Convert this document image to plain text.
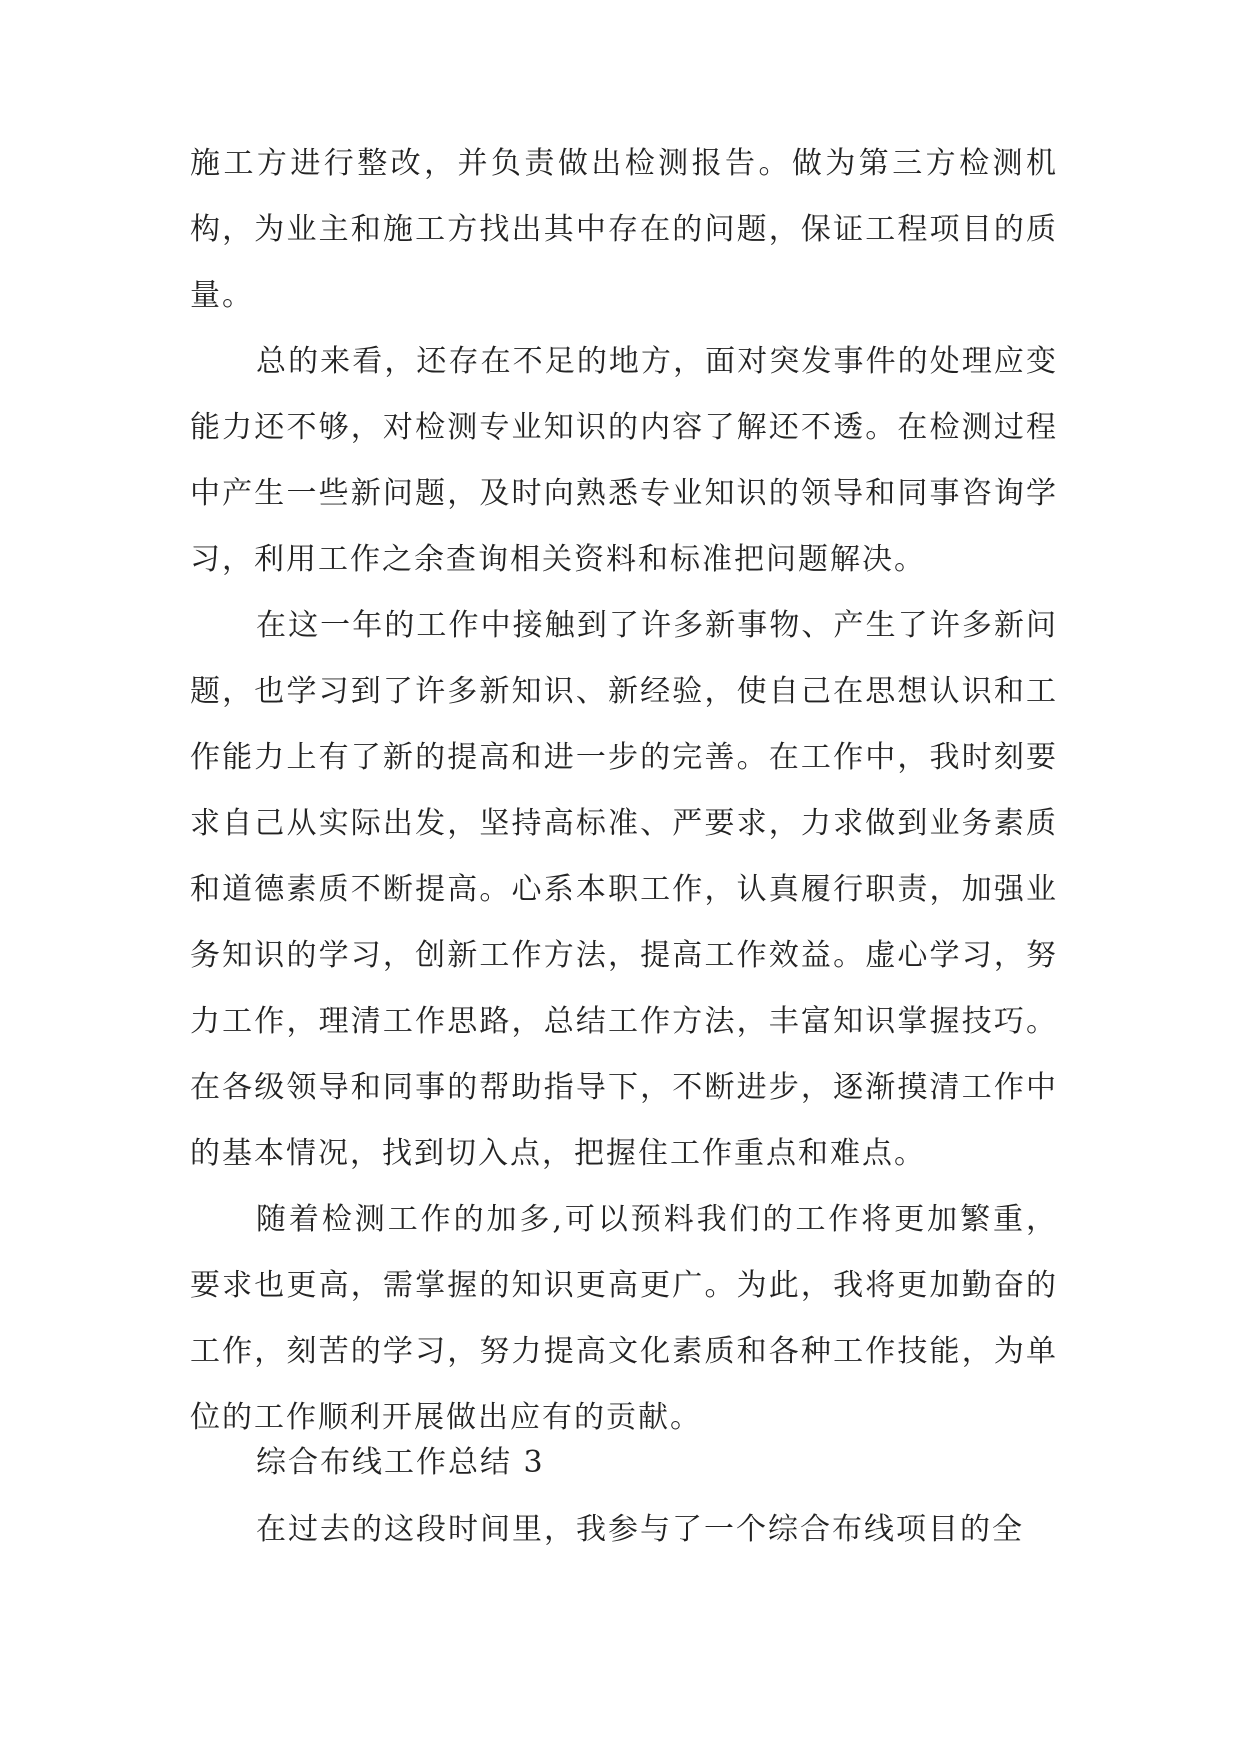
施工方进行整改，并负责做出检测报告。做为第三方检测机构，为业主和施工方找出其中存在的问题，保证工程项目的质量。

总的来看，还存在不足的地方，面对突发事件的处理应变能力还不够，对检测专业知识的内容了解还不透。在检测过程中产生一些新问题，及时向熟悉专业知识的领导和同事咨询学习，利用工作之余查询相关资料和标准把问题解决。

在这一年的工作中接触到了许多新事物、产生了许多新问题，也学习到了许多新知识、新经验，使自己在思想认识和工作能力上有了新的提高和进一步的完善。在工作中，我时刻要求自己从实际出发，坚持高标准、严要求，力求做到业务素质和道德素质不断提高。心系本职工作，认真履行职责，加强业务知识的学习，创新工作方法，提高工作效益。虚心学习，努力工作，理清工作思路，总结工作方法，丰富知识掌握技巧。在各级领导和同事的帮助指导下，不断进步，逐渐摸清工作中的基本情况，找到切入点，把握住工作重点和难点。

随着检测工作的加多,可以预料我们的工作将更加繁重，要求也更高，需掌握的知识更高更广。为此，我将更加勤奋的工作，刻苦的学习，努力提高文化素质和各种工作技能，为单位的工作顺利开展做出应有的贡献。

综合布线工作总结 3

在过去的这段时间里，我参与了一个综合布线项目的全
